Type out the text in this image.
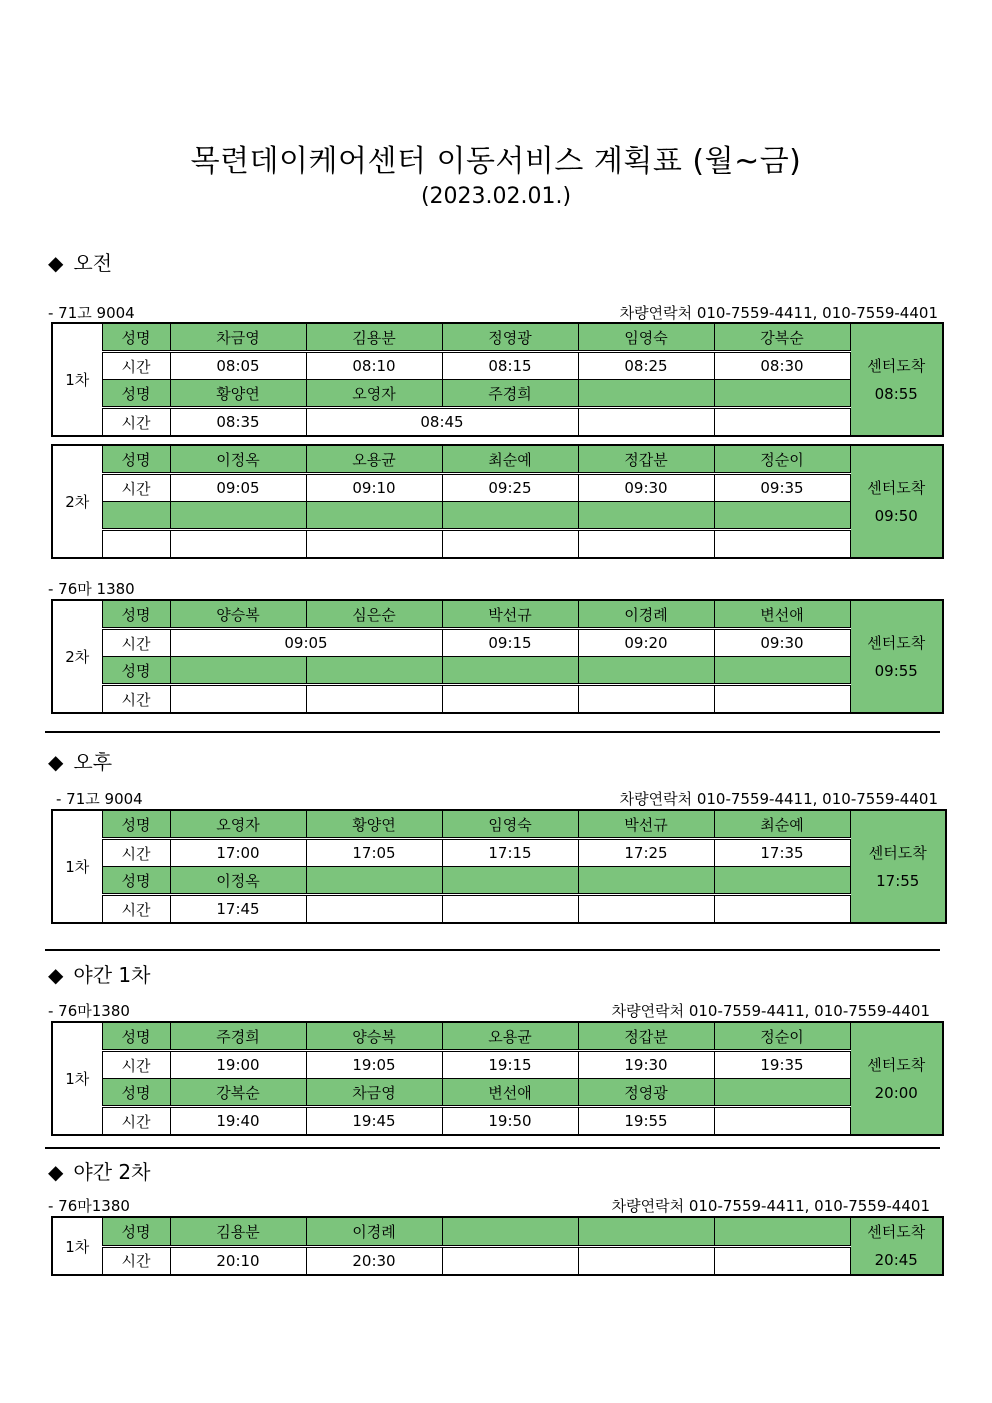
목련데이케어센터 이동서비스 계획표 (월~금)
(2023.02.01.)
◆ 오전
- 71고 9004	차량연락처 010-7559-4411, 010-7559-4401
1차	성명	차금영	김용분	정영광	임영숙	강복순	센터도착
08:55

	시간	08:05	08:10	08:15	08:25	08:30	
	성명	황양연	오영자	주경희			
	시간	08:35	08:45				
2차	성명	이정옥	오용균	최순예	정갑분	정순이	센터도착
09:50

	시간	09:05	09:10	09:25	09:30	09:35	

- 76마 1380
2차	성명	양승복	심은순	박선규	이경례	변선애	센터도착
09:55

	시간	09:05		09:15	09:20	09:30	
	성명						
	시간						
◆ 오후
- 71고 9004	차량연락처 010-7559-4411, 010-7559-4401
1차	성명	오영자	황양연	임영숙	박선규	최순예	센터도착
17:55

	시간	17:00	17:05	17:15	17:25	17:35	
	성명	이정옥					
	시간	17:45					
◆ 야간 1차
- 76마1380	차량연락처 010-7559-4411, 010-7559-4401
1차	성명	주경희	양승복	오용균	정갑분	정순이	센터도착
20:00

	시간	19:00	19:05	19:15	19:30	19:35	
	성명	강복순	차금영	변선애	정영광		
	시간	19:40	19:45	19:50	19:55		
◆ 야간 2차
- 76마1380	차량연락처 010-7559-4411, 010-7559-4401
1차	성명	김용분	이경례				센터도착
20:45

	시간	20:10	20:30				
